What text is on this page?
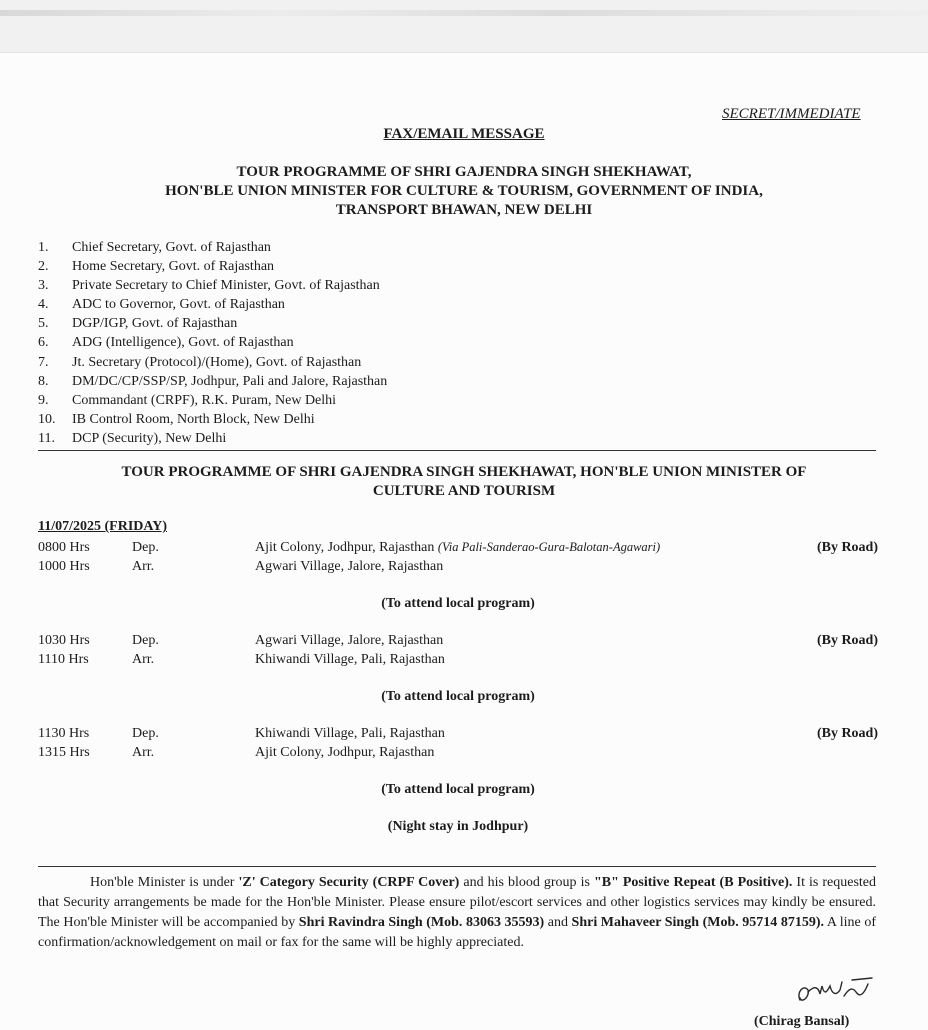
SECRET/IMMEDIATE
FAX/EMAIL MESSAGE
TOUR PROGRAMME OF SHRI GAJENDRA SINGH SHEKHAWAT,
HON'BLE UNION MINISTER FOR CULTURE & TOURISM, GOVERNMENT OF INDIA,
TRANSPORT BHAWAN, NEW DELHI
1.	Chief Secretary, Govt. of Rajasthan
2.	Home Secretary, Govt. of Rajasthan
3.	Private Secretary to Chief Minister, Govt. of Rajasthan
4.	ADC to Governor, Govt. of Rajasthan
5.	DGP/IGP, Govt. of Rajasthan
6.	ADG (Intelligence), Govt. of Rajasthan
7.	Jt. Secretary (Protocol)/(Home), Govt. of Rajasthan
8.	DM/DC/CP/SSP/SP, Jodhpur, Pali and Jalore, Rajasthan
9.	Commandant (CRPF), R.K. Puram, New Delhi
10.	IB Control Room, North Block, New Delhi
11.	DCP (Security), New Delhi
TOUR PROGRAMME OF SHRI GAJENDRA SINGH SHEKHAWAT, HON'BLE UNION MINISTER OF
CULTURE AND TOURISM
11/07/2025 (FRIDAY)
0800 Hrs	Dep.	Ajit Colony, Jodhpur, Rajasthan (Via Pali-Sanderao-Gura-Balotan-Agawari)	(By Road)
1000 Hrs	Arr.	Agwari Village, Jalore, Rajasthan
(To attend local program)
1030 Hrs	Dep.	Agwari Village, Jalore, Rajasthan	(By Road)
1110 Hrs	Arr.	Khiwandi Village, Pali, Rajasthan
(To attend local program)
1130 Hrs	Dep.	Khiwandi Village, Pali, Rajasthan	(By Road)
1315 Hrs	Arr.	Ajit Colony, Jodhpur, Rajasthan
(To attend local program)
(Night stay in Jodhpur)
Hon'ble Minister is under 'Z' Category Security (CRPF Cover) and his blood group is "B" Positive Repeat (B Positive). It is requested that Security arrangements be made for the Hon'ble Minister. Please ensure pilot/escort services and other logistics services may kindly be ensured. The Hon'ble Minister will be accompanied by Shri Ravindra Singh (Mob. 83063 35593) and Shri Mahaveer Singh (Mob. 95714 87159). A line of confirmation/acknowledgement on mail or fax for the same will be highly appreciated.
(Chirag Bansal)
